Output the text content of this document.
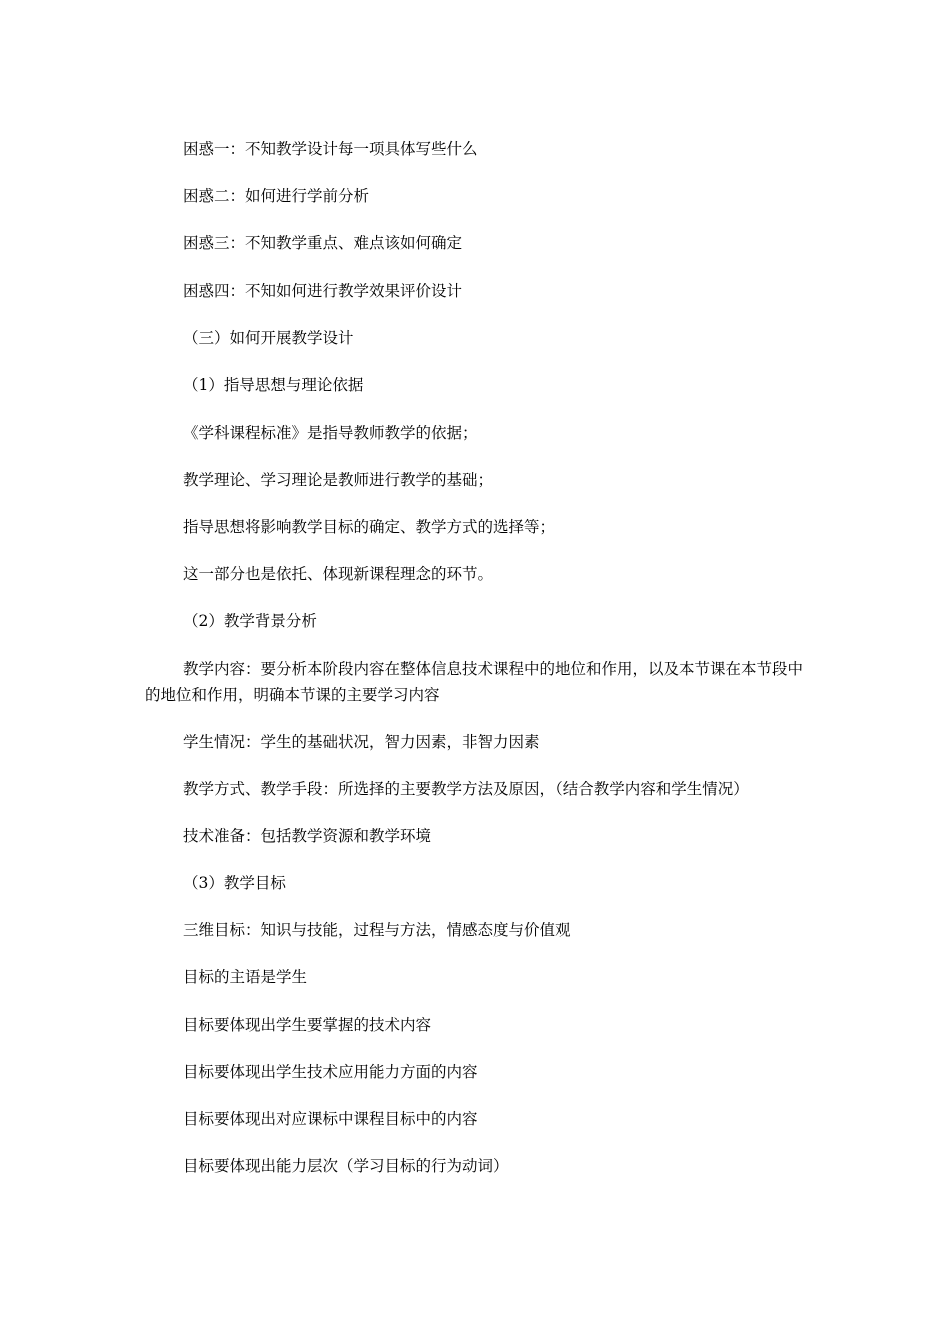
困惑一：不知教学设计每一项具体写些什么

困惑二：如何进行学前分析

困惑三：不知教学重点、难点该如何确定

困惑四：不知如何进行教学效果评价设计

（三）如何开展教学设计

（1）指导思想与理论依据

《学科课程标准》是指导教师教学的依据；

教学理论、学习理论是教师进行教学的基础；

指导思想将影响教学目标的确定、教学方式的选择等；

这一部分也是依托、体现新课程理念的环节。

（2）教学背景分析

教学内容：要分析本阶段内容在整体信息技术课程中的地位和作用，以及本节课在本节段中的地位和作用，明确本节课的主要学习内容

学生情况：学生的基础状况，智力因素，非智力因素

教学方式、教学手段：所选择的主要教学方法及原因，（结合教学内容和学生情况）

技术准备：包括教学资源和教学环境

（3）教学目标

三维目标：知识与技能，过程与方法，情感态度与价值观

目标的主语是学生

目标要体现出学生要掌握的技术内容

目标要体现出学生技术应用能力方面的内容

目标要体现出对应课标中课程目标中的内容

目标要体现出能力层次（学习目标的行为动词）
